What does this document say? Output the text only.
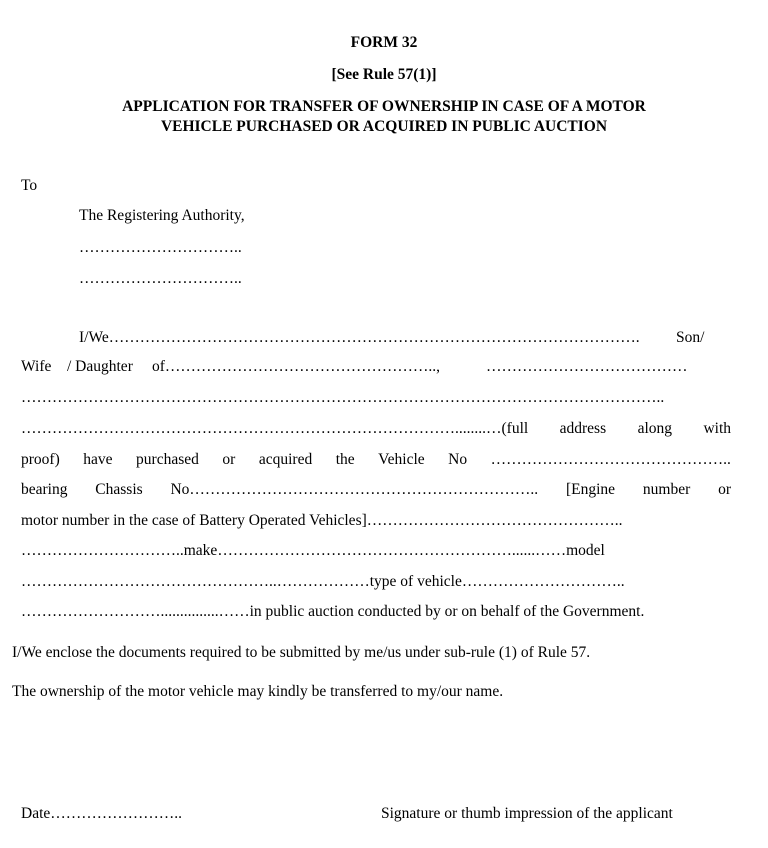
FORM 32
[See Rule 57(1)]
APPLICATION FOR TRANSFER OF OWNERSHIP IN CASE OF A MOTOR
VEHICLE PURCHASED OR ACQUIRED IN PUBLIC AUCTION
To
The Registering Authority,
…………………………..
…………………………..
I/We…………………………………………………………………………………………. Son/
Wife / Daughter of……………………………………………..,	…………………………………
……………………………………………………………………………………………………………..
…………………………………………………………………………........…(full address along with
proof) have purchased or acquired the Vehicle No ………………………………………..
bearing Chassis No………………………………………………………….. [Engine number or
motor number in the case of Battery Operated Vehicles]…………………………………………..
…………………………..make…………………………………………………......……model
…………………………………………..………………type of vehicle…………………………..
………………………...............……in public auction conducted by or on behalf of the Government.
I/We enclose the documents required to be submitted by me/us under sub-rule (1) of Rule 57.
The ownership of the motor vehicle may kindly be transferred to my/our name.
Date……………………..	Signature or thumb impression of the applicant
